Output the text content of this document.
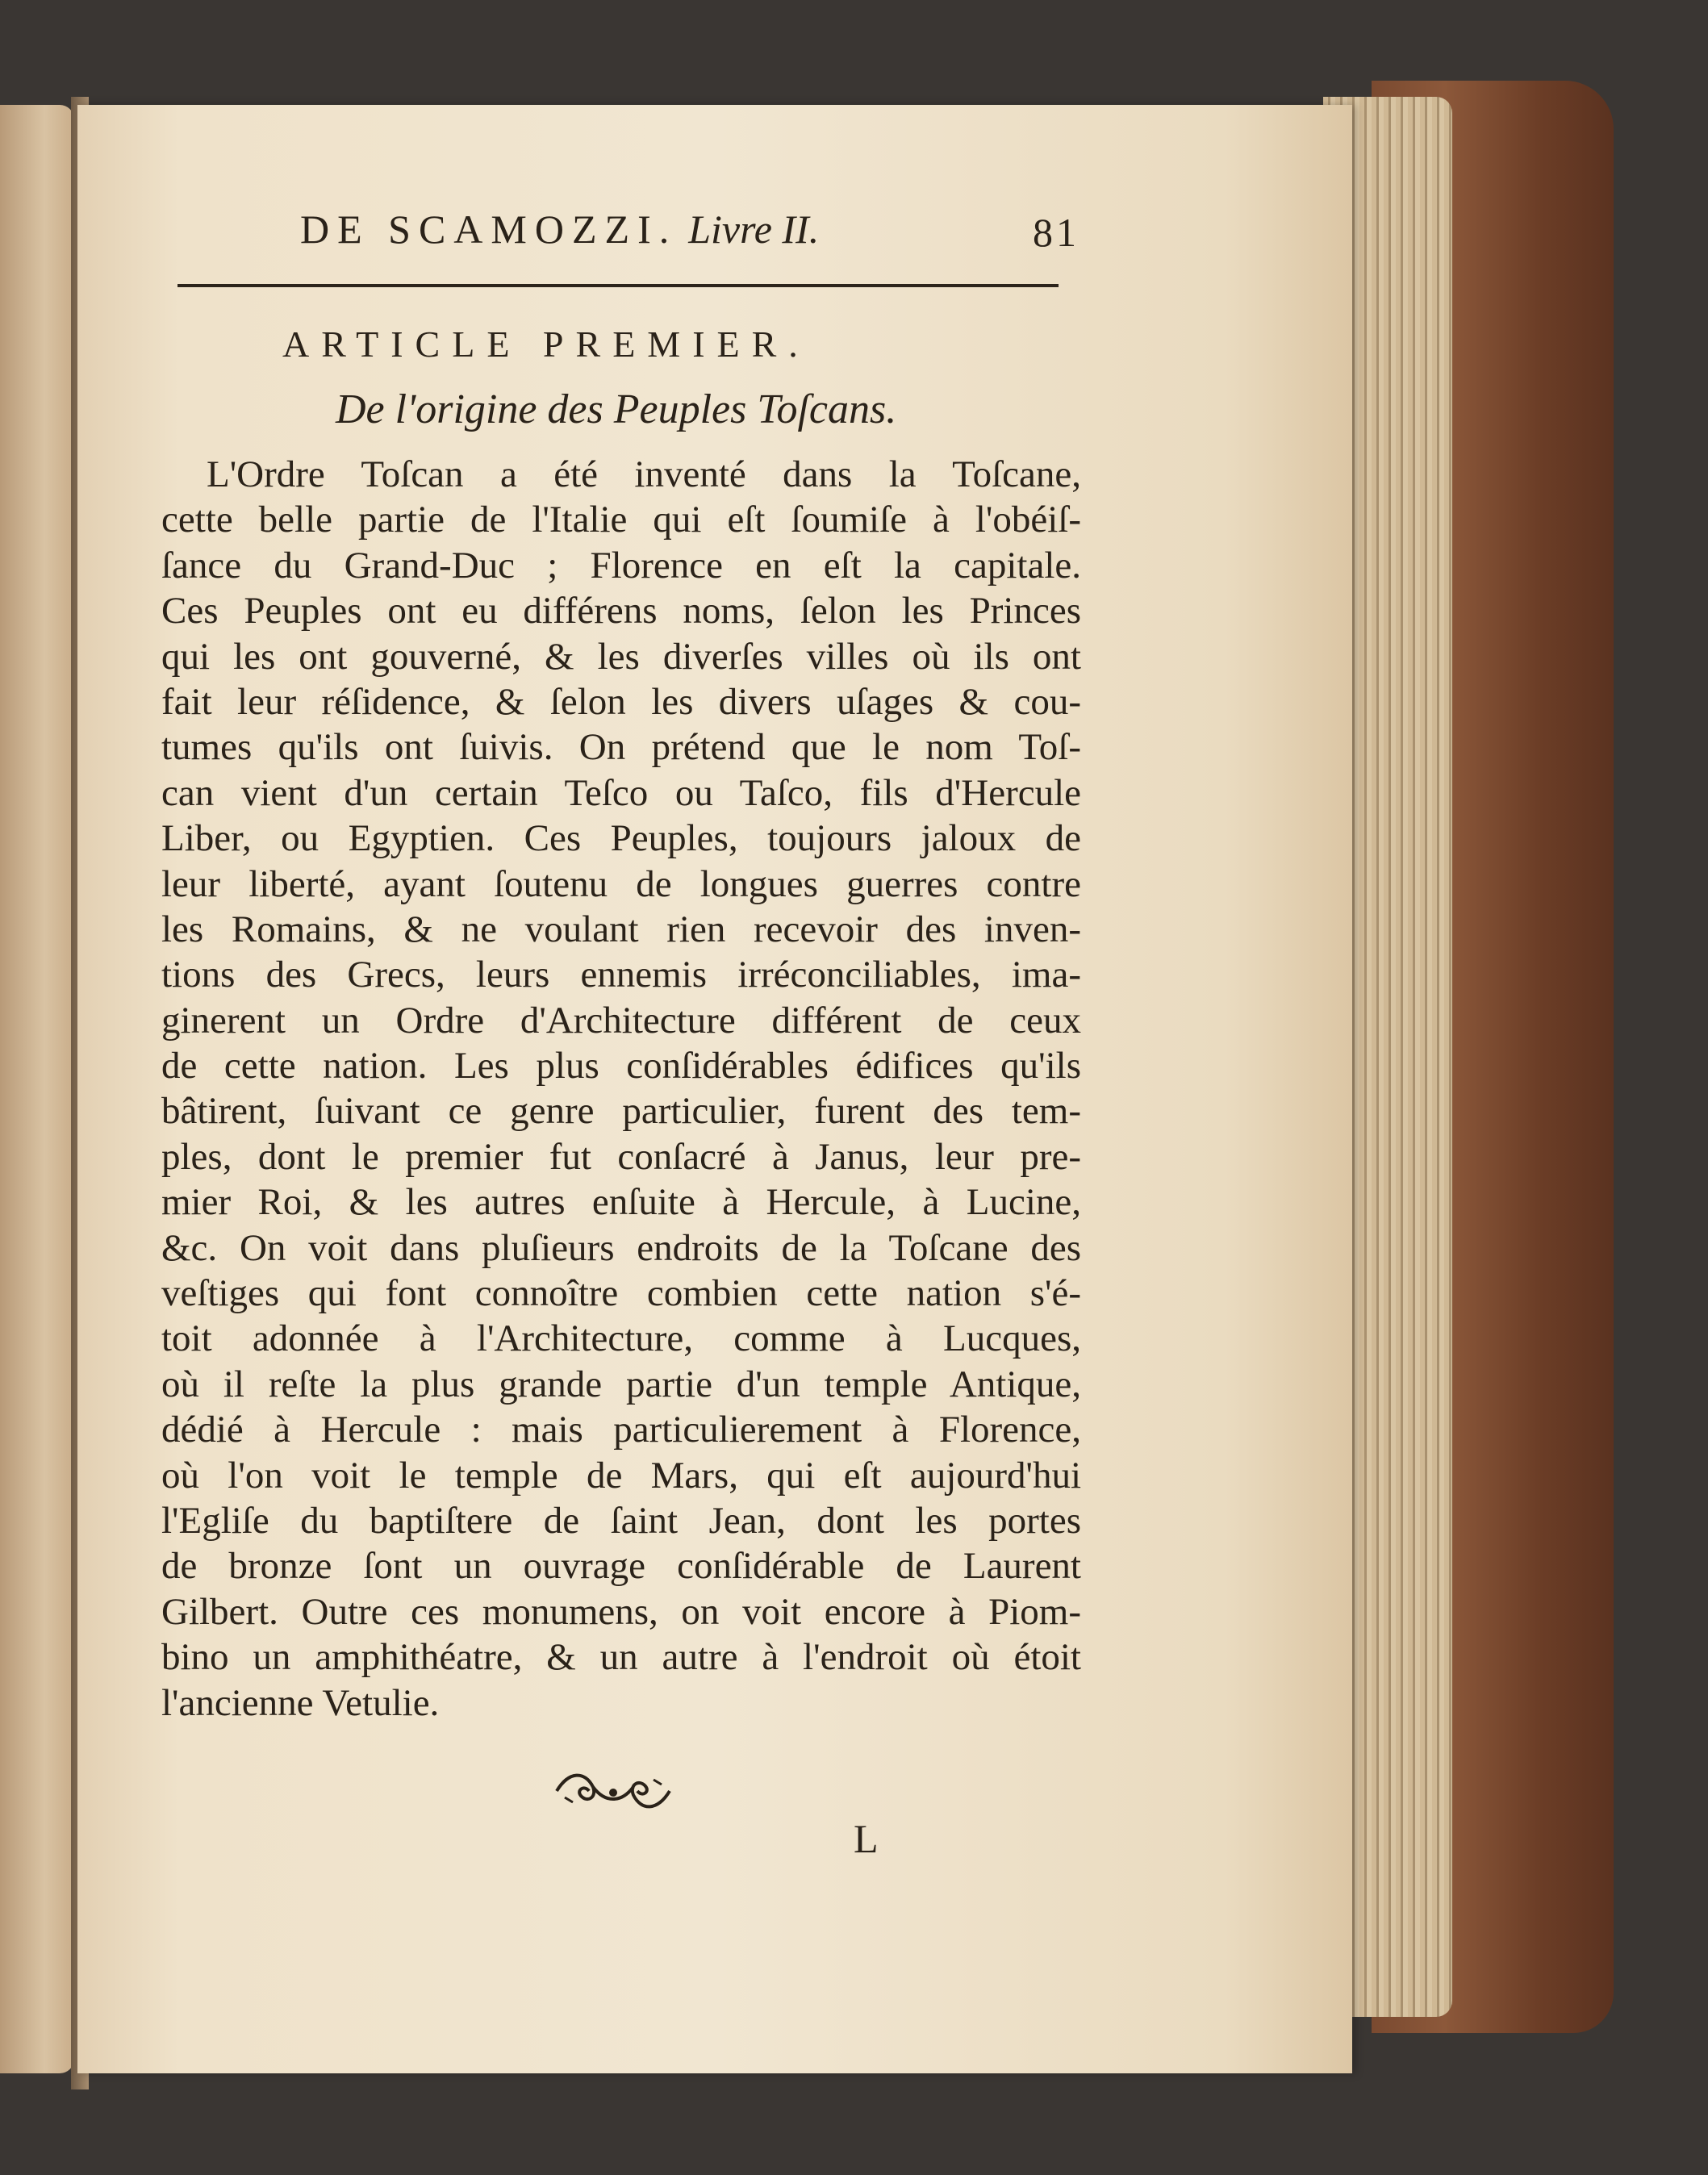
DE SCAMOZZI. Livre II.	81
ARTICLE PREMIER.
De l'origine des Peuples Toſcans.
L'Ordre Toſcan a été inventé dans la Toſcane,
cette belle partie de l'Italie qui eſt ſoumiſe à l'obéiſ-
ſance du Grand-Duc ; Florence en eſt la capitale.
Ces Peuples ont eu différens noms, ſelon les Princes
qui les ont gouverné, & les diverſes villes où ils ont
fait leur réſidence, & ſelon les divers uſages & cou-
tumes qu'ils ont ſuivis. On prétend que le nom Toſ-
can vient d'un certain Teſco ou Taſco, fils d'Hercule
Liber, ou Egyptien. Ces Peuples, toujours jaloux de
leur liberté, ayant ſoutenu de longues guerres contre
les Romains, & ne voulant rien recevoir des inven-
tions des Grecs, leurs ennemis irréconciliables, ima-
ginerent un Ordre d'Architecture différent de ceux
de cette nation. Les plus conſidérables édifices qu'ils
bâtirent, ſuivant ce genre particulier, furent des tem-
ples, dont le premier fut conſacré à Janus, leur pre-
mier Roi, & les autres enſuite à Hercule, à Lucine,
&c. On voit dans pluſieurs endroits de la Toſcane des
veſtiges qui font connoître combien cette nation s'é-
toit adonnée à l'Architecture, comme à Lucques,
où il reſte la plus grande partie d'un temple Antique,
dédié à Hercule : mais particulierement à Florence,
où l'on voit le temple de Mars, qui eſt aujourd'hui
l'Egliſe du baptiſtere de ſaint Jean, dont les portes
de bronze ſont un ouvrage conſidérable de Laurent
Gilbert. Outre ces monumens, on voit encore à Piom-
bino un amphithéatre, & un autre à l'endroit où étoit
l'ancienne Vetulie.
L
